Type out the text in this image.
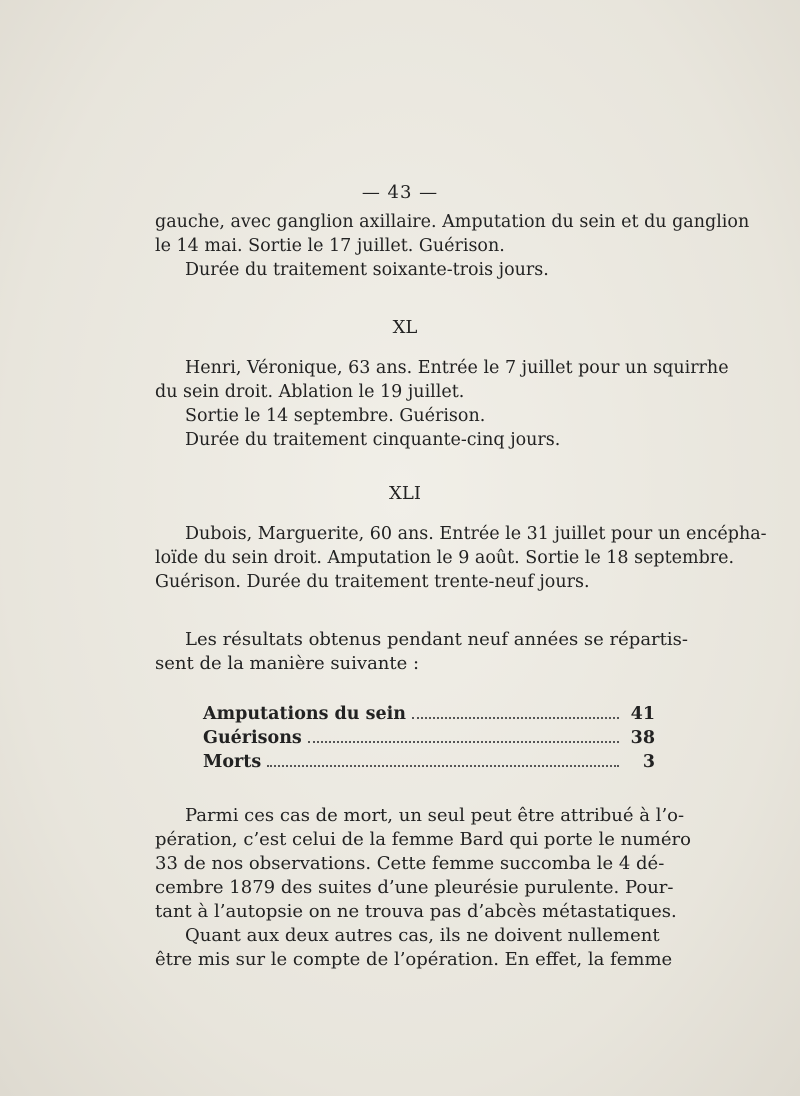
— 43 —
gauche, avec ganglion axillaire. Amputation du sein et du ganglion
le 14 mai. Sortie le 17 juillet. Guérison.
Durée du traitement soixante-trois jours.
XL
Henri, Véronique, 63 ans. Entrée le 7 juillet pour un squirrhe
du sein droit. Ablation le 19 juillet.
Sortie le 14 septembre. Guérison.
Durée du traitement cinquante-cinq jours.
XLI
Dubois, Marguerite, 60 ans. Entrée le 31 juillet pour un encépha-
loïde du sein droit. Amputation le 9 août. Sortie le 18 septembre.
Guérison. Durée du traitement trente-neuf jours.
Les résultats obtenus pendant neuf années se répartis-
sent de la manière suivante :
Amputations du sein	41
Guérisons	38
Morts	3
Parmi ces cas de mort, un seul peut être attribué à l’o-
pération, c’est celui de la femme Bard qui porte le numéro
33 de nos observations. Cette femme succomba le 4 dé-
cembre 1879 des suites d’une pleurésie purulente. Pour-
tant à l’autopsie on ne trouva pas d’abcès métastatiques.
Quant aux deux autres cas, ils ne doivent nullement
être mis sur le compte de l’opération. En effet, la femme
